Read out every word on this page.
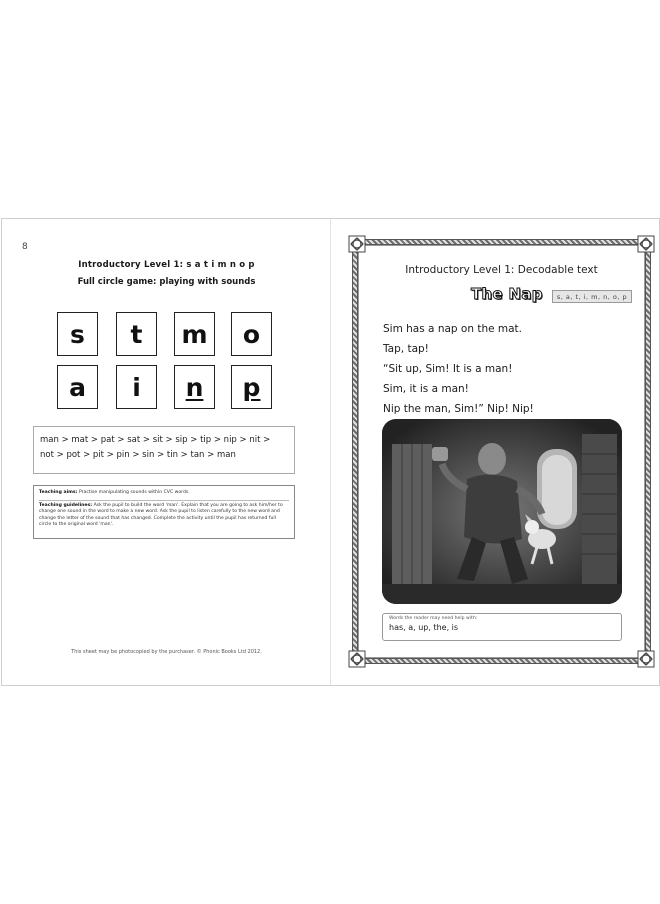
8
Introductory Level 1: s a t i m n o p
Full circle game: playing with sounds
s	t	m	o
a	i	n	p
man > mat > pat > sat > sit > sip > tip > nip > nit >
not > pot > pit > pin > sin > tin > tan > man
Teaching aims: Practise manipulating sounds within CVC words.
Teaching guidelines: Ask the pupil to build the word 'man'. Explain that you are going to ask him/her to change one sound in the word to make a new word. Ask the pupil to listen carefully to the new word and change the letter of the sound that has changed. Complete the activity until the pupil has returned full circle to the original word 'man'.
This sheet may be photocopied by the purchaser. © Phonic Books Ltd 2012.
Introductory Level 1: Decodable text
The Nap	s, a, t, i, m, n, o, p
Sim has a nap on the mat.
Tap, tap!
“Sit up, Sim! It is a man!
Sim, it is a man!
Nip the man, Sim!” Nip! Nip!
Words the reader may need help with:
has, a, up, the, is
